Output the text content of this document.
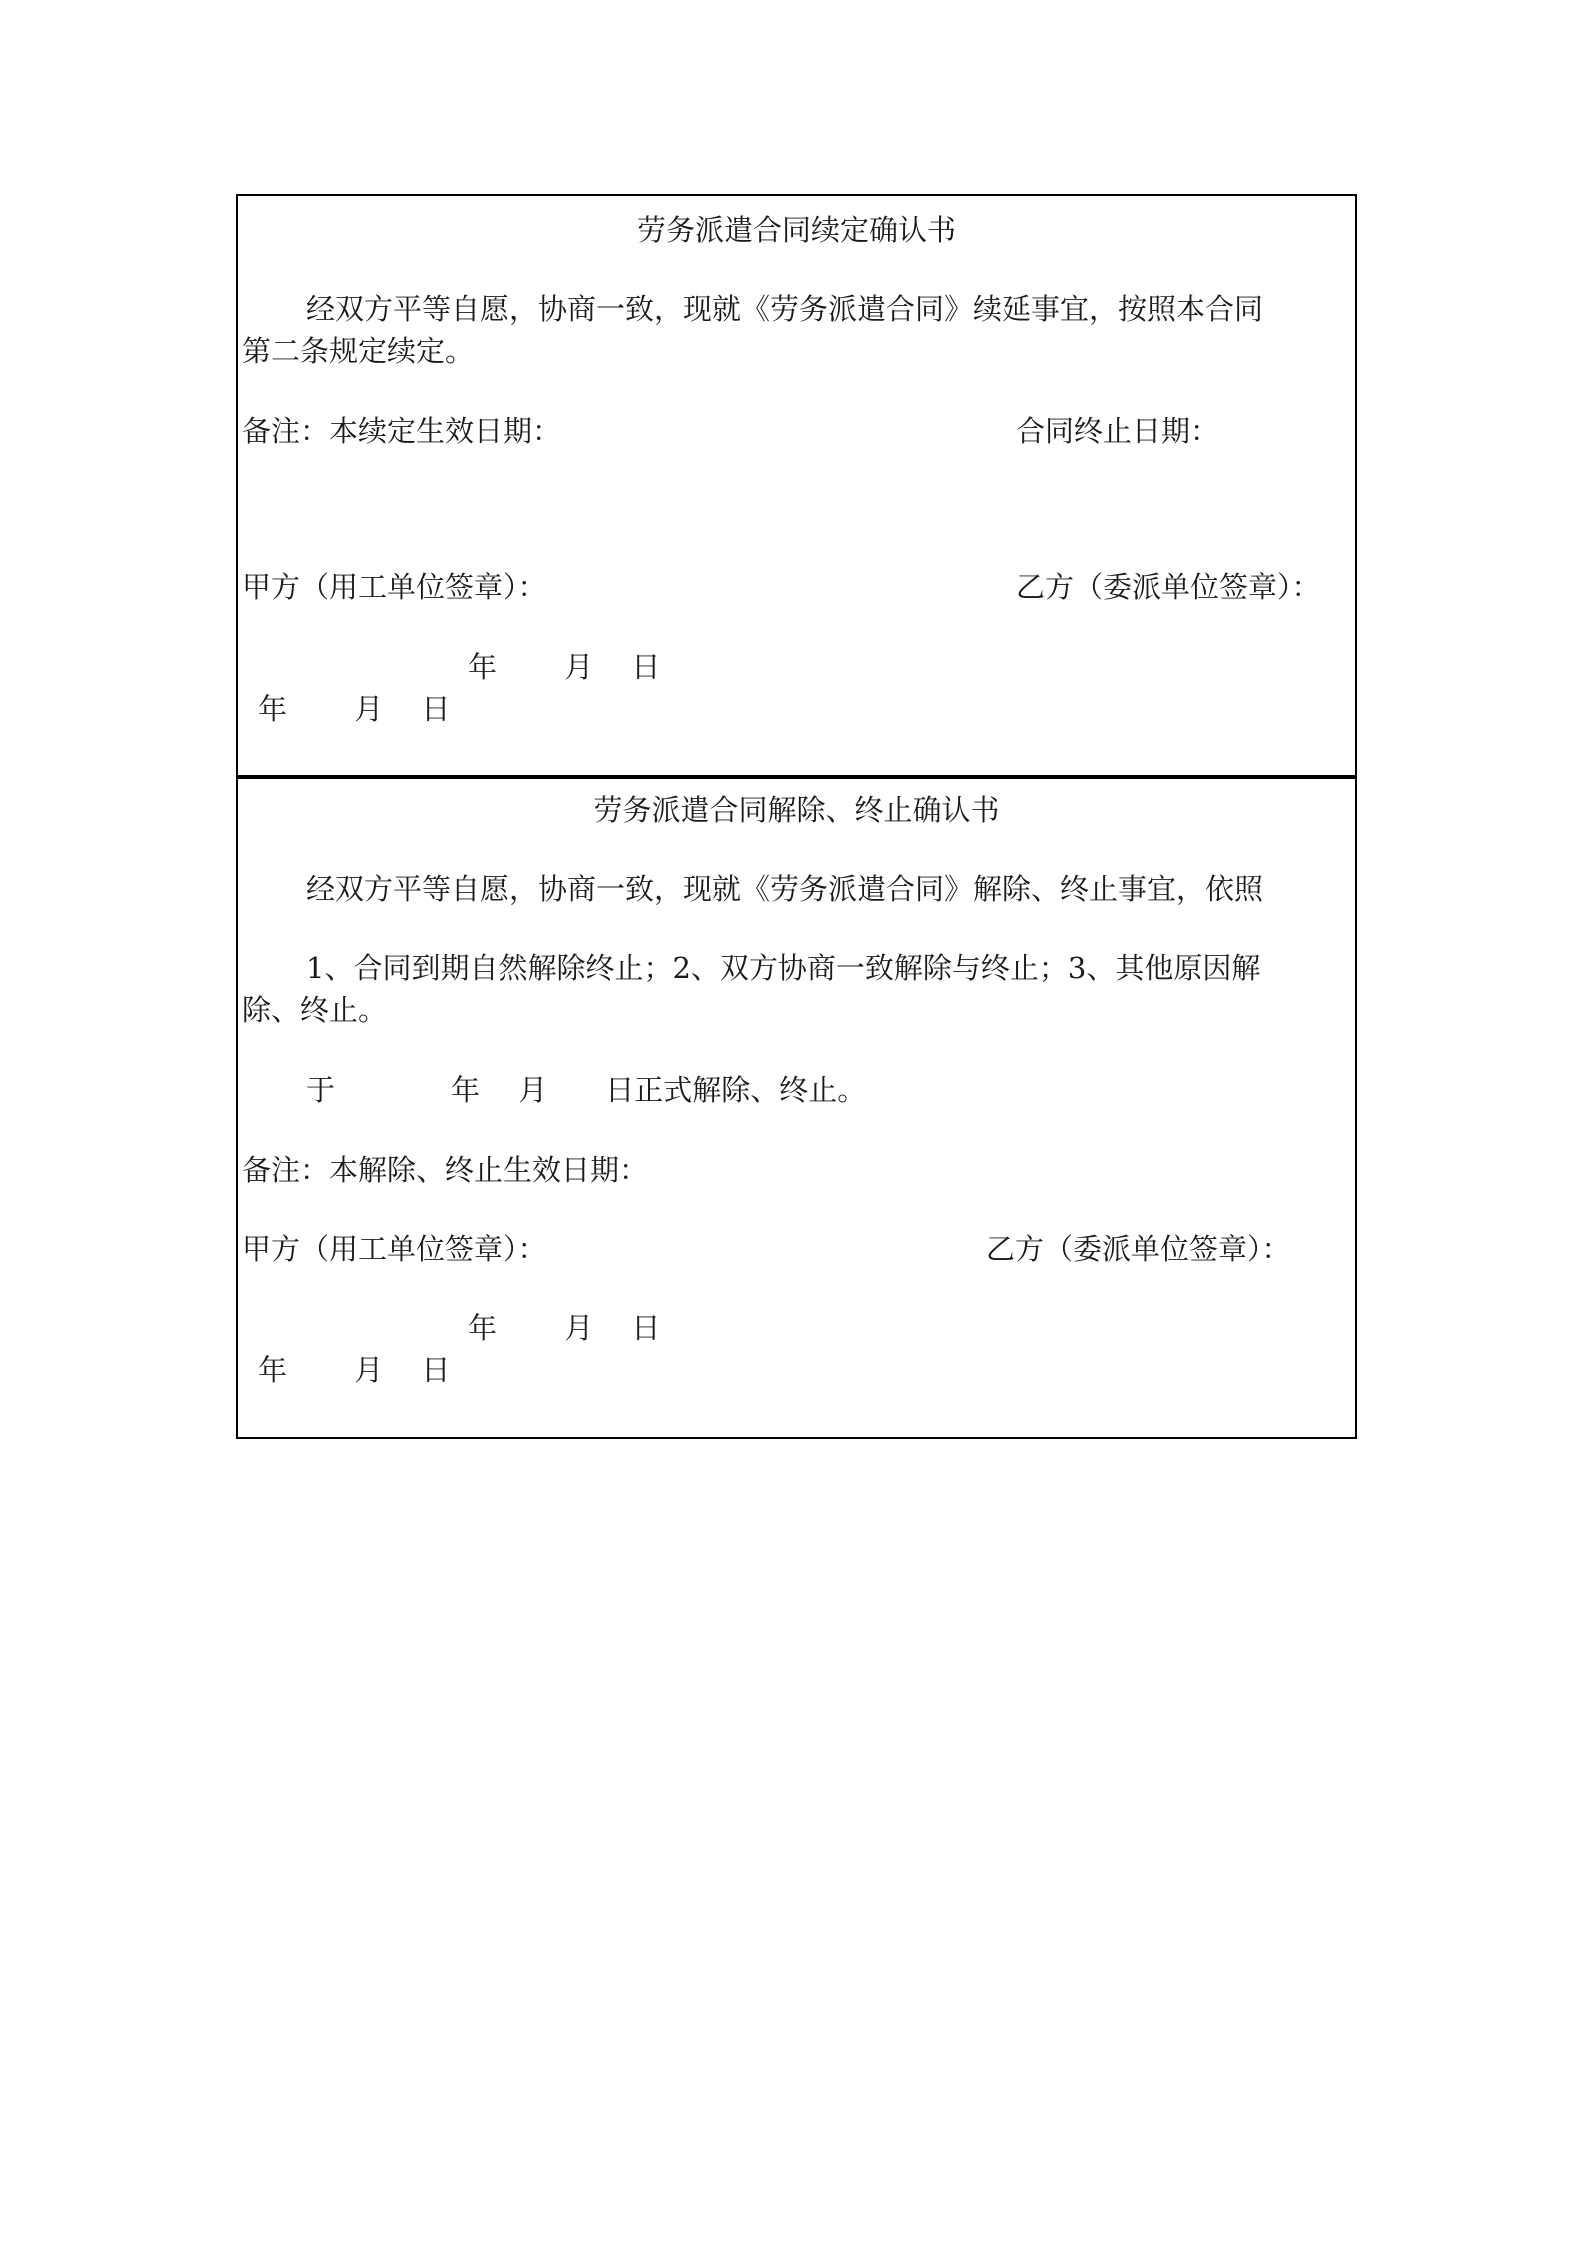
劳务派遣合同续定确认书

经双方平等自愿，协商一致，现就《劳务派遣合同》续延事宜，按照本合同

第二条规定续定。

备注：本续定生效日期：	合同终止日期：

甲方（用工单位签章）：	乙方（委派单位签章）：

年　　 月　 日

年　　 月　 日

劳务派遣合同解除、终止确认书

经双方平等自愿，协商一致，现就《劳务派遣合同》解除、终止事宜，依照

1、合同到期自然解除终止；2、双方协商一致解除与终止；3、其他原因解

除、终止。

于　　　　年　 月　　日正式解除、终止。

备注：本解除、终止生效日期：

甲方（用工单位签章）：	乙方（委派单位签章）：

年　　 月　 日

年　　 月　 日
